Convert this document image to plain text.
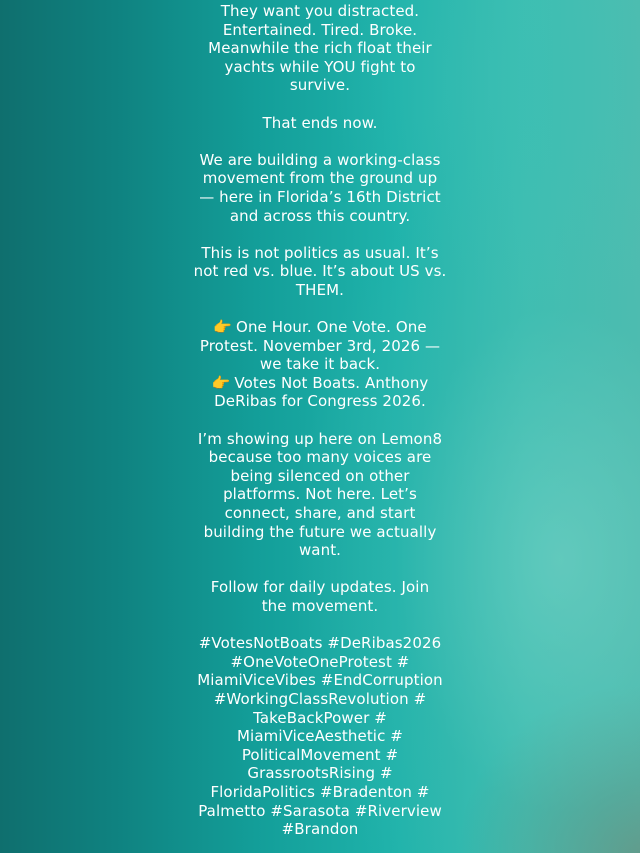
They want you distracted.
Entertained. Tired. Broke.
Meanwhile the rich float their
yachts while YOU fight to
survive.

That ends now.

We are building a working-class
movement from the ground up
— here in Florida’s 16th District
and across this country.

This is not politics as usual. It’s
not red vs. blue. It’s about US vs.
THEM.

👉 One Hour. One Vote. One
Protest. November 3rd, 2026 —
we take it back.
👉 Votes Not Boats. Anthony
DeRibas for Congress 2026.

I’m showing up here on Lemon8
because too many voices are
being silenced on other
platforms. Not here. Let’s
connect, share, and start
building the future we actually
want.

Follow for daily updates. Join
the movement.

#VotesNotBoats #DeRibas2026
#OneVoteOneProtest #
MiamiViceVibes #EndCorruption
#WorkingClassRevolution #
TakeBackPower #
MiamiViceAesthetic #
PoliticalMovement #
GrassrootsRising #
FloridaPolitics #Bradenton #
Palmetto #Sarasota #Riverview
#Brandon
